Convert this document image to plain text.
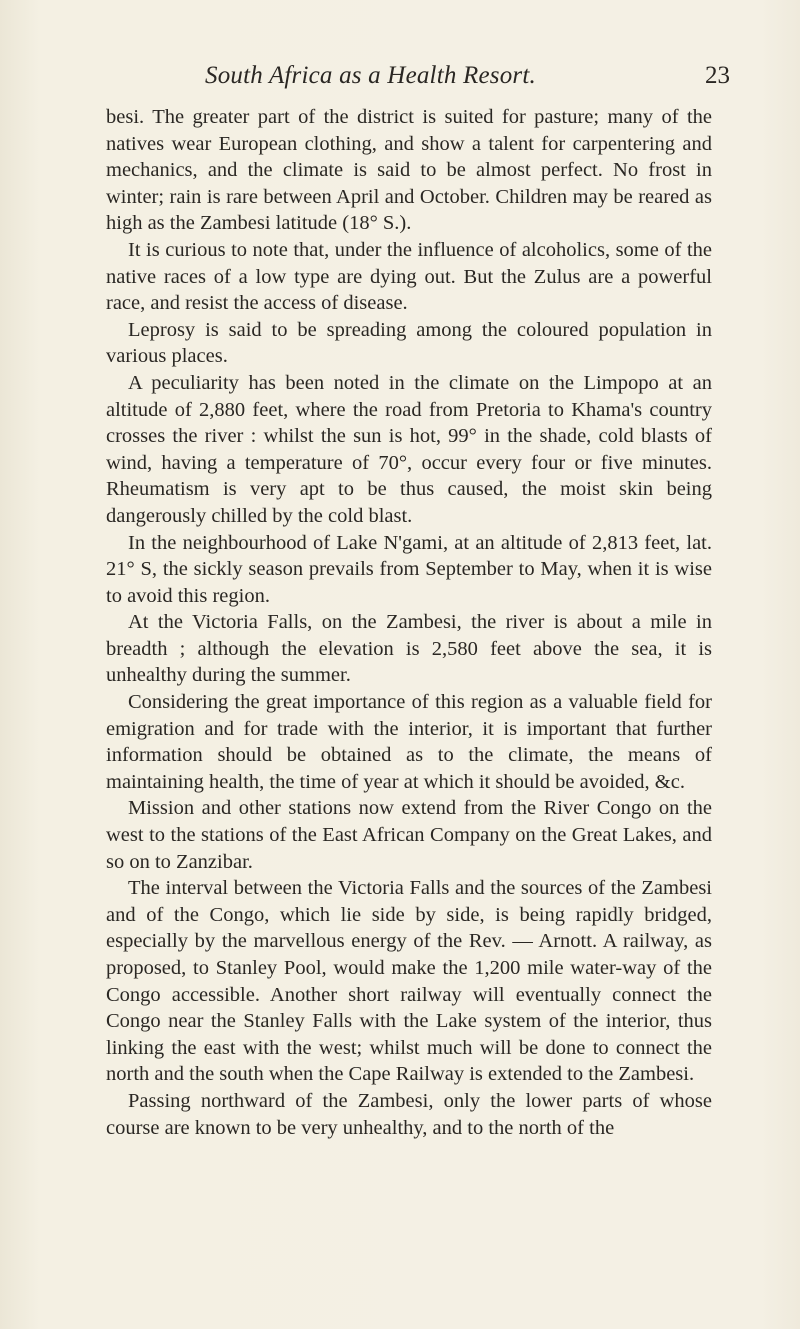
South Africa as a Health Resort.	23

besi. The greater part of the district is suited for pasture; many of the natives wear European clothing, and show a talent for carpentering and mechanics, and the climate is said to be almost perfect. No frost in winter; rain is rare between April and October. Children may be reared as high as the Zambesi latitude (18° S.).

It is curious to note that, under the influence of alcoholics, some of the native races of a low type are dying out. But the Zulus are a powerful race, and resist the access of disease.

Leprosy is said to be spreading among the coloured population in various places.

A peculiarity has been noted in the climate on the Limpopo at an altitude of 2,880 feet, where the road from Pretoria to Khama's country crosses the river : whilst the sun is hot, 99° in the shade, cold blasts of wind, having a temperature of 70°, occur every four or five minutes. Rheumatism is very apt to be thus caused, the moist skin being dangerously chilled by the cold blast.

In the neighbourhood of Lake N'gami, at an altitude of 2,813 feet, lat. 21° S, the sickly season prevails from September to May, when it is wise to avoid this region.

At the Victoria Falls, on the Zambesi, the river is about a mile in breadth ; although the elevation is 2,580 feet above the sea, it is unhealthy during the summer.

Considering the great importance of this region as a valuable field for emigration and for trade with the interior, it is important that further information should be obtained as to the climate, the means of maintaining health, the time of year at which it should be avoided, &c.

Mission and other stations now extend from the River Congo on the west to the stations of the East African Company on the Great Lakes, and so on to Zanzibar.

The interval between the Victoria Falls and the sources of the Zambesi and of the Congo, which lie side by side, is being rapidly bridged, especially by the marvellous energy of the Rev. — Arnott. A railway, as proposed, to Stanley Pool, would make the 1,200 mile water-way of the Congo accessible. Another short railway will eventually connect the Congo near the Stanley Falls with the Lake system of the interior, thus linking the east with the west; whilst much will be done to connect the north and the south when the Cape Railway is extended to the Zambesi.

Passing northward of the Zambesi, only the lower parts of whose course are known to be very unhealthy, and to the north of the
